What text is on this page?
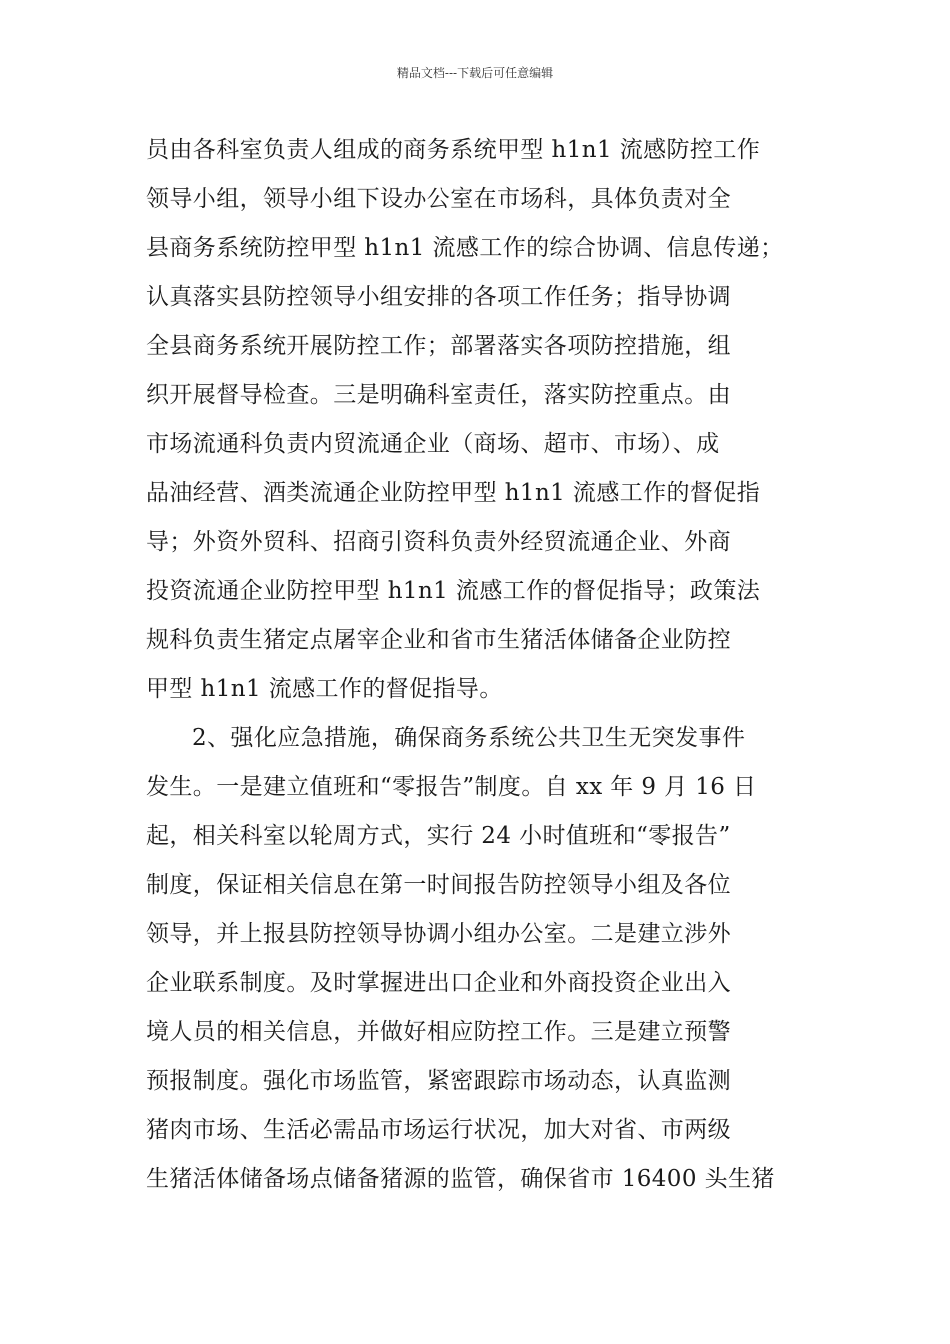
精品文档---下载后可任意编辑
员由各科室负责人组成的商务系统甲型 h1n1 流感防控工作
领导小组，领导小组下设办公室在市场科，具体负责对全
县商务系统防控甲型 h1n1 流感工作的综合协调、信息传递；
认真落实县防控领导小组安排的各项工作任务；指导协调
全县商务系统开展防控工作；部署落实各项防控措施，组
织开展督导检查。三是明确科室责任，落实防控重点。由
市场流通科负责内贸流通企业（商场、超市、市场）、成
品油经营、酒类流通企业防控甲型 h1n1 流感工作的督促指
导；外资外贸科、招商引资科负责外经贸流通企业、外商
投资流通企业防控甲型 h1n1 流感工作的督促指导；政策法
规科负责生猪定点屠宰企业和省市生猪活体储备企业防控
甲型 h1n1 流感工作的督促指导。
2、强化应急措施，确保商务系统公共卫生无突发事件
发生。一是建立值班和“零报告”制度。自 xx 年 9 月 16 日
起，相关科室以轮周方式，实行 24 小时值班和“零报告”
制度，保证相关信息在第一时间报告防控领导小组及各位
领导，并上报县防控领导协调小组办公室。二是建立涉外
企业联系制度。及时掌握进出口企业和外商投资企业出入
境人员的相关信息，并做好相应防控工作。三是建立预警
预报制度。强化市场监管，紧密跟踪市场动态，认真监测
猪肉市场、生活必需品市场运行状况，加大对省、市两级
生猪活体储备场点储备猪源的监管，确保省市 16400 头生猪
